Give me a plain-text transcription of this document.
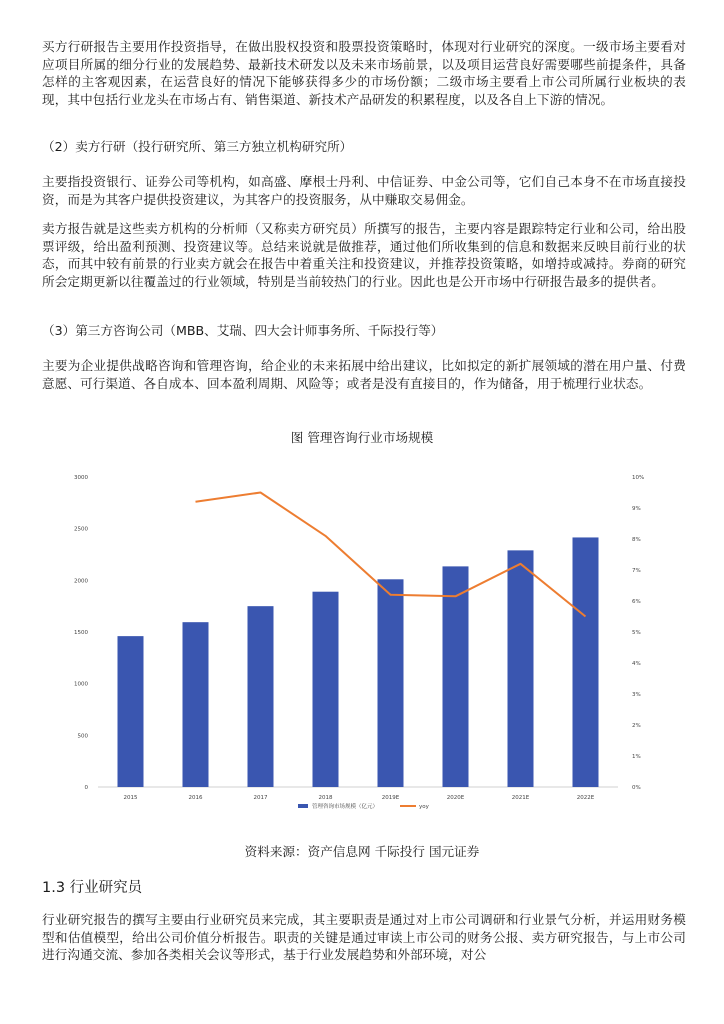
买方行研报告主要用作投资指导，在做出股权投资和股票投资策略时，体现对行业研究的深度。一级市场主要看对应项目所属的细分行业的发展趋势、最新技术研发以及未来市场前景，以及项目运营良好需要哪些前提条件，具备怎样的主客观因素，在运营良好的情况下能够获得多少的市场份额；二级市场主要看上市公司所属行业板块的表现，其中包括行业龙头在市场占有、销售渠道、新技术产品研发的积累程度，以及各自上下游的情况。

（2）卖方行研（投行研究所、第三方独立机构研究所）

主要指投资银行、证券公司等机构，如高盛、摩根士丹利、中信证券、中金公司等，它们自己本身不在市场直接投资，而是为其客户提供投资建议，为其客户的投资服务，从中赚取交易佣金。

卖方报告就是这些卖方机构的分析师（又称卖方研究员）所撰写的报告，主要内容是跟踪特定行业和公司，给出股票评级，给出盈利预测、投资建议等。总结来说就是做推荐，通过他们所收集到的信息和数据来反映目前行业的状态，而其中较有前景的行业卖方就会在报告中着重关注和投资建议，并推荐投资策略，如增持或减持。券商的研究所会定期更新以往覆盖过的行业领域，特别是当前较热门的行业。因此也是公开市场中行研报告最多的提供者。

（3）第三方咨询公司（MBB、艾瑞、四大会计师事务所、千际投行等）

主要为企业提供战略咨询和管理咨询，给企业的未来拓展中给出建议，比如拟定的新扩展领域的潜在用户量、付费意愿、可行渠道、各自成本、回本盈利周期、风险等；或者是没有直接目的，作为储备，用于梳理行业状态。

图 管理咨询行业市场规模
0
500
1000
1500
2000
2500
3000
0%
1%
2%
3%
4%
5%
6%
7%
8%
9%
10%
2015	2016	2017	2018	2019E	2020E	2021E	2022E
管理咨询市场规模（亿元）	yoy
资料来源：资产信息网 千际投行 国元证券

1.3 行业研究员

行业研究报告的撰写主要由行业研究员来完成，其主要职责是通过对上市公司调研和行业景气分析，并运用财务模型和估值模型，给出公司价值分析报告。职责的关键是通过审读上市公司的财务公报、卖方研究报告，与上市公司进行沟通交流、参加各类相关会议等形式，基于行业发展趋势和外部环境，对公
